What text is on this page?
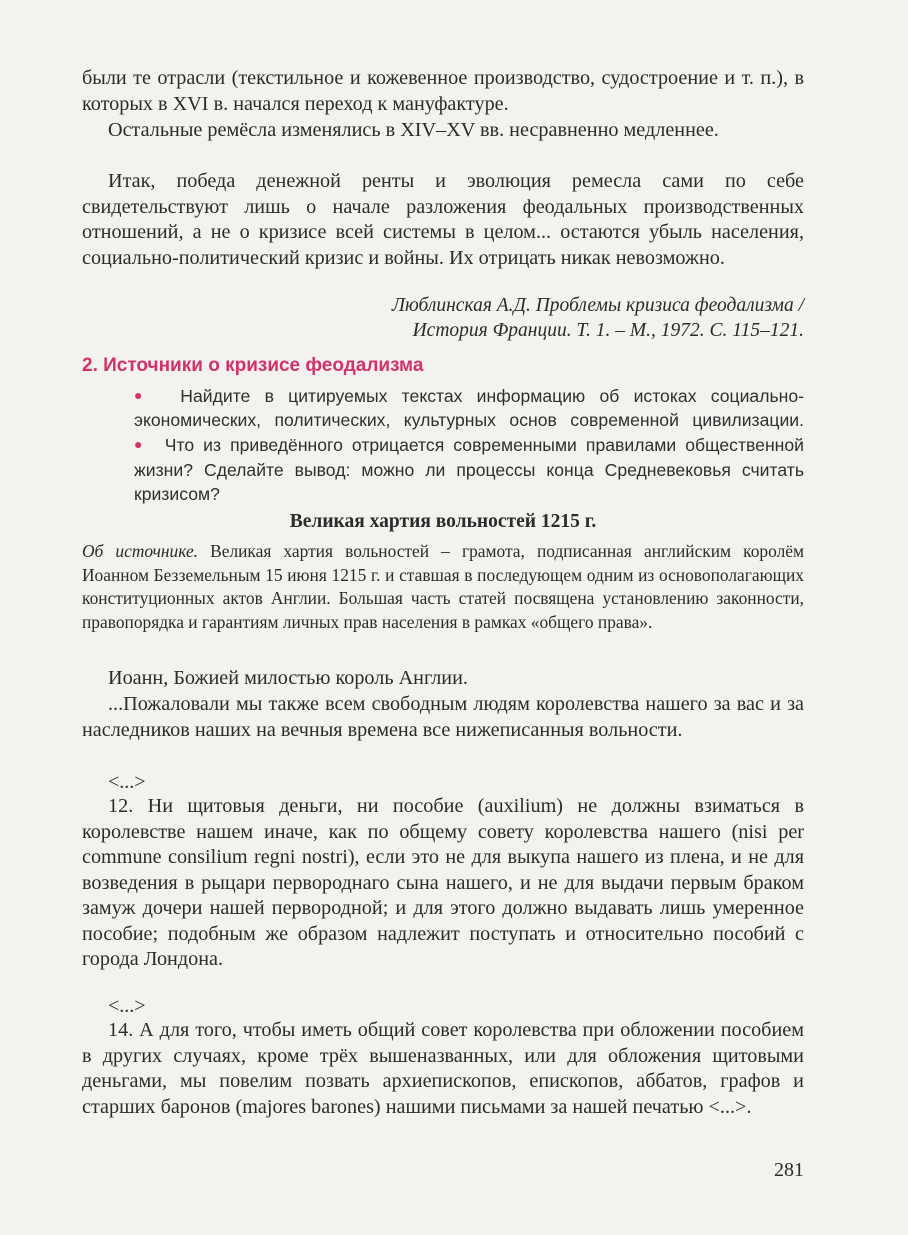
были те отрасли (текстильное и кожевенное производство, судостроение и т. п.), в которых в XVI в. начался переход к мануфактуре.

Остальные ремёсла изменялись в XIV–XV вв. несравненно медленнее.

Итак, победа денежной ренты и эволюция ремесла сами по себе свидетельствуют лишь о начале разложения феодальных производственных отношений, а не о кризисе всей системы в целом... остаются убыль населения, социально-политический кризис и войны. Их отрицать никак невозможно.

Люблинская А.Д. Проблемы кризиса феодализма /

История Франции. Т. 1. – М., 1972. С. 115–121.

2. Источники о кризисе феодализма

● Найдите в цитируемых текстах информацию об истоках социально-экономических, политических, культурных основ современной цивилизации. ● Что из приведённого отрицается современными правилами общественной жизни? Сделайте вывод: можно ли процессы конца Средневековья считать кризисом?

Великая хартия вольностей 1215 г.

Об источнике. Великая хартия вольностей – грамота, подписанная английским королём Иоанном Безземельным 15 июня 1215 г. и ставшая в последующем одним из основополагающих конституционных актов Англии. Большая часть статей посвящена установлению законности, правопорядка и гарантиям личных прав населения в рамках «общего права».

Иоанн, Божией милостью король Англии.

...Пожаловали мы также всем свободным людям королевства нашего за вас и за наследников наших на вечныя времена все нижеписанныя вольности.

<...>

12. Ни щитовыя деньги, ни пособие (auxilium) не должны взиматься в королевстве нашем иначе, как по общему совету королевства нашего (nisi per commune consilium regni nostri), если это не для выкупа нашего из плена, и не для возведения в рыцари первороднаго сына нашего, и не для выдачи первым браком замуж дочери нашей первородной; и для этого должно выдавать лишь умеренное пособие; подобным же образом надлежит поступать и относительно пособий с города Лондона.

<...>

14. А для того, чтобы иметь общий совет королевства при обложении пособием в других случаях, кроме трёх вышеназванных, или для обложения щитовыми деньгами, мы повелим позвать архиепископов, епископов, аббатов, графов и старших баронов (majores barones) нашими письмами за нашей печатью <...>.

281
